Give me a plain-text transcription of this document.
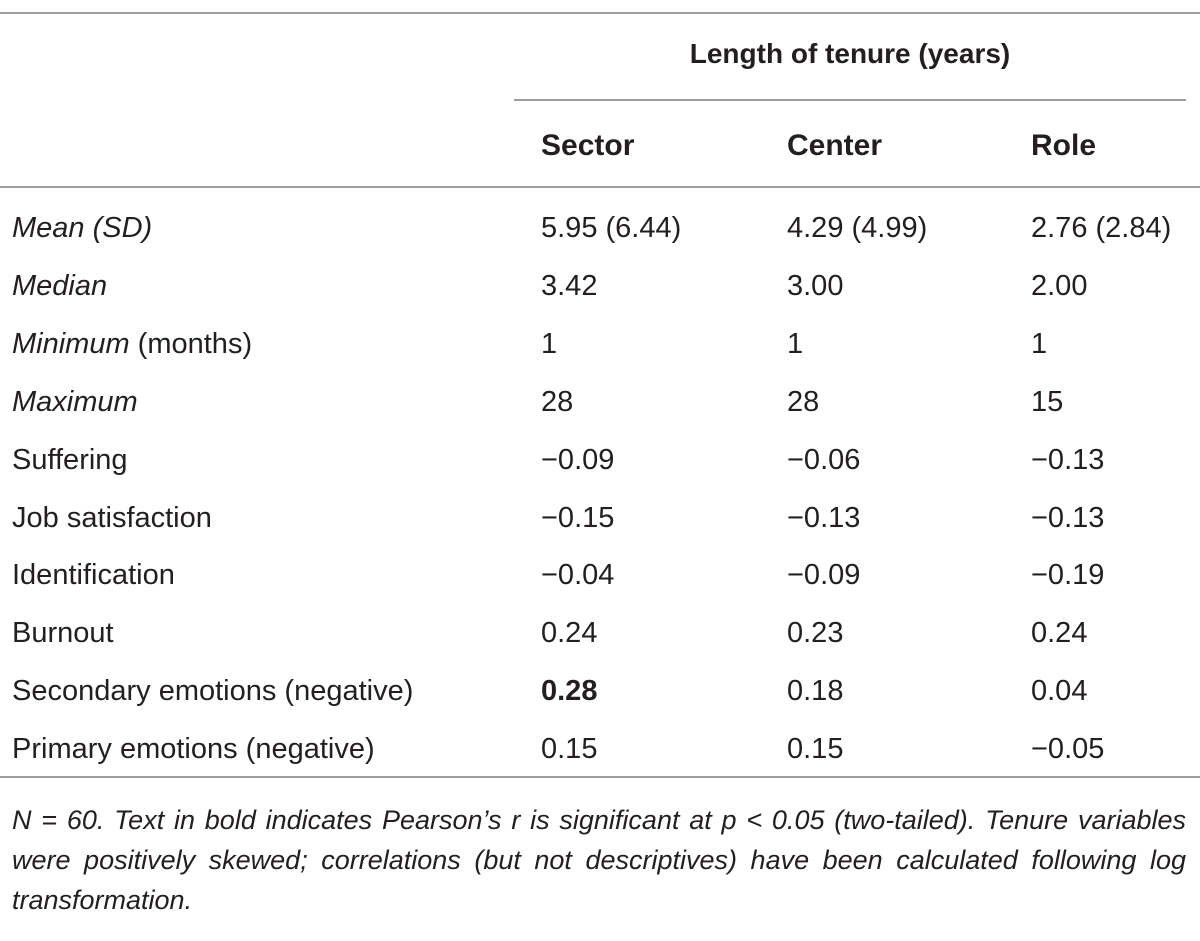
Length of tenure (years)
Sector	Center	Role
Mean (SD)	5.95 (6.44)	4.29 (4.99)	2.76 (2.84)
Median	3.42	3.00	2.00
Minimum (months)	1	1	1
Maximum	28	28	15
Suffering	−0.09	−0.06	−0.13
Job satisfaction	−0.15	−0.13	−0.13
Identification	−0.04	−0.09	−0.19
Burnout	0.24	0.23	0.24
Secondary emotions (negative)	0.28	0.18	0.04
Primary emotions (negative)	0.15	0.15	−0.05

N = 60. Text in bold indicates Pearson’s r is significant at p < 0.05 (two-tailed). Tenure variables were positively skewed; correlations (but not descriptives) have been calculated following log transformation.
